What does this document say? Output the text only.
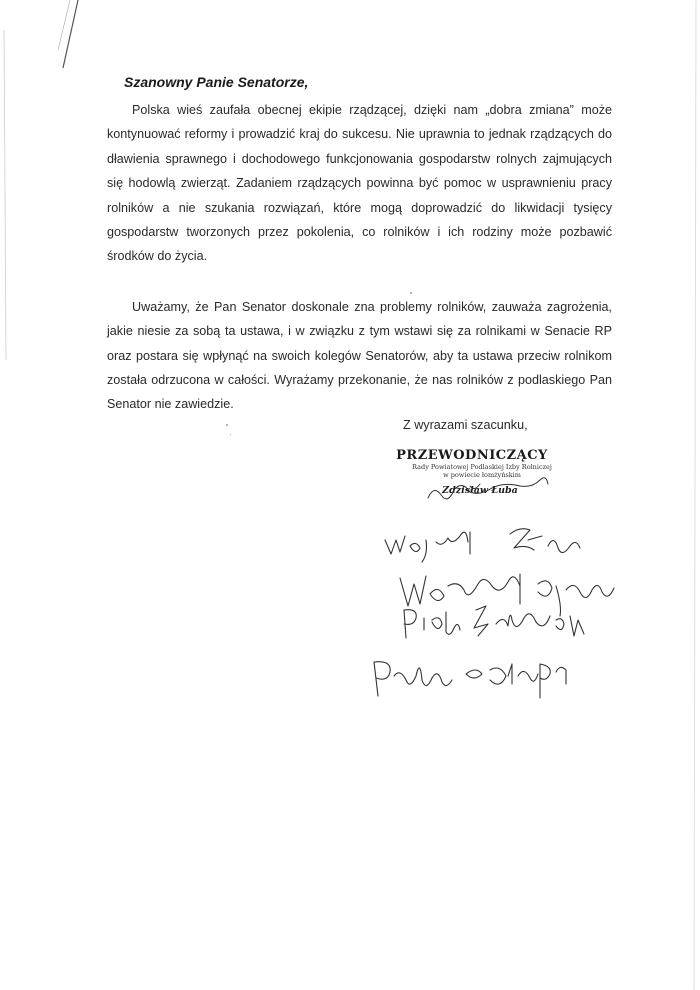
Szanowny Panie Senatorze,

Polska wieś zaufała obecnej ekipie rządzącej, dzięki nam „dobra zmiana” może kontynuować reformy i prowadzić kraj do sukcesu. Nie uprawnia to jednak rządzących do dławienia sprawnego i dochodowego funkcjonowania gospodarstw rolnych zajmujących się hodowlą zwierząt. Zadaniem rządzących powinna być pomoc w usprawnieniu pracy rolników a nie szukania rozwiązań, które mogą doprowadzić do likwidacji tysięcy gospodarstw tworzonych przez pokolenia, co rolników i ich rodziny może pozbawić środków do życia.

Uważamy, że Pan Senator doskonale zna problemy rolników, zauważa zagrożenia, jakie niesie za sobą ta ustawa, i w związku z tym wstawi się za rolnikami w Senacie RP oraz postara się wpłynąć na swoich kolegów Senatorów, aby ta ustawa przeciw rolnikom została odrzucona w całości. Wyrażamy przekonanie, że nas rolników z podlaskiego Pan Senator nie zawiedzie.

Z wyrazami szacunku,
PRZEWODNICZĄCY
Rady Powiatowej Podlaskiej Izby Rolniczej
w powiecie łomżyńskim
Zdzisław Łuba
